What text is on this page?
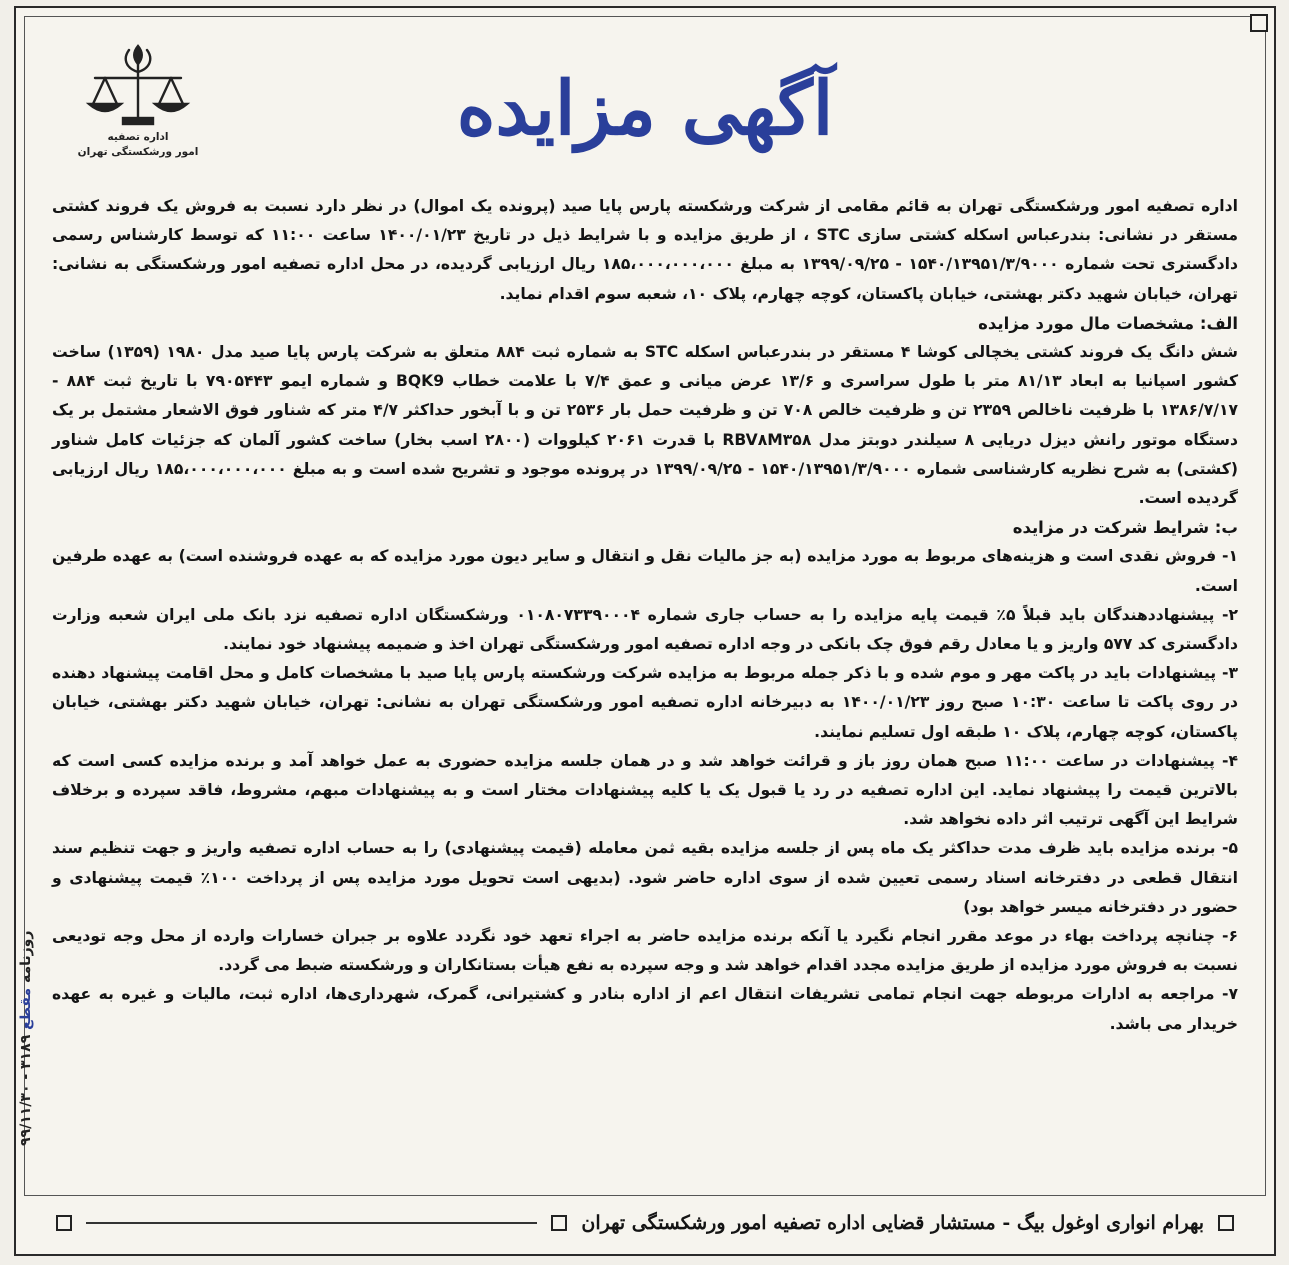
اداره تصفیه
امور ورشکستگی تهران	آگهی مزایده

اداره تصفیه امور ورشکستگی تهران به قائم مقامی از شرکت ورشکسته پارس پایا صید (پرونده یک اموال) در نظر دارد نسبت به فروش یک فروند کشتی مستقر در نشانی: بندرعباس اسکله کشتی سازی STC ، از طریق مزایده و با شرایط ذیل در تاریخ ۱۴۰۰/۰۱/۲۳ ساعت ۱۱:۰۰ که توسط کارشناس رسمی دادگستری تحت شماره ۱۵۴۰/۱۳۹۵۱/۳/۹۰۰۰ - ۱۳۹۹/۰۹/۲۵ به مبلغ ۱۸۵،۰۰۰،۰۰۰،۰۰۰ ریال ارزیابی گردیده، در محل اداره تصفیه امور ورشکستگی به نشانی: تهران، خیابان شهید دکتر بهشتی، خیابان پاکستان، کوچه چهارم، پلاک ۱۰، شعبه سوم اقدام نماید.

الف: مشخصات مال مورد مزایده

شش دانگ یک فروند کشتی یخچالی کوشا ۴ مستقر در بندرعباس اسکله STC به شماره ثبت ۸۸۴ متعلق به شرکت پارس پایا صید مدل ۱۹۸۰ (۱۳۵۹) ساخت کشور اسپانیا به ابعاد ۸۱/۱۳ متر با طول سراسری و ۱۳/۶ عرض میانی و عمق ۷/۴ با علامت خطاب BQK9 و شماره ایمو ۷۹۰۵۴۴۳ با تاریخ ثبت ۸۸۴ - ۱۳۸۶/۷/۱۷ با ظرفیت ناخالص ۲۳۵۹ تن و ظرفیت خالص ۷۰۸ تن و ظرفیت حمل بار ۲۵۳۶ تن و با آبخور حداکثر ۴/۷ متر که شناور فوق الاشعار مشتمل بر یک دستگاه موتور رانش دیزل دریایی ۸ سیلندر دوبتز مدل RBV۸M۳۵۸ با قدرت ۲۰۶۱ کیلووات (۲۸۰۰ اسب بخار) ساخت کشور آلمان که جزئیات کامل شناور (کشتی) به شرح نظریه کارشناسی شماره ۱۵۴۰/۱۳۹۵۱/۳/۹۰۰۰ - ۱۳۹۹/۰۹/۲۵ در پرونده موجود و تشریح شده است و به مبلغ ۱۸۵،۰۰۰،۰۰۰،۰۰۰ ریال ارزیابی گردیده است.

ب: شرایط شرکت در مزایده

۱- فروش نقدی است و هزینه‌های مربوط به مورد مزایده (به جز مالیات نقل و انتقال و سایر دیون مورد مزایده که به عهده فروشنده است) به عهده طرفین است.

۲- پیشنهاددهندگان باید قبلاً ۵٪ قیمت پایه مزایده را به حساب جاری شماره ۰۱۰۸۰۷۳۳۹۰۰۰۴ ورشکستگان اداره تصفیه نزد بانک ملی ایران شعبه وزارت دادگستری کد ۵۷۷ واریز و یا معادل رقم فوق چک بانکی در وجه اداره تصفیه امور ورشکستگی تهران اخذ و ضمیمه پیشنهاد خود نمایند.

۳- پیشنهادات باید در پاکت مهر و موم شده و با ذکر جمله مربوط به مزایده شرکت ورشکسته پارس پایا صید با مشخصات کامل و محل اقامت پیشنهاد دهنده در روی پاکت تا ساعت ۱۰:۳۰ صبح روز ۱۴۰۰/۰۱/۲۳ به دبیرخانه اداره تصفیه امور ورشکستگی تهران به نشانی: تهران، خیابان شهید دکتر بهشتی، خیابان پاکستان، کوچه چهارم، پلاک ۱۰ طبقه اول تسلیم نمایند.

۴- پیشنهادات در ساعت ۱۱:۰۰ صبح همان روز باز و قرائت خواهد شد و در همان جلسه مزایده حضوری به عمل خواهد آمد و برنده مزایده کسی است که بالاترین قیمت را پیشنهاد نماید. این اداره تصفیه در رد یا قبول یک یا کلیه پیشنهادات مختار است و به پیشنهادات مبهم، مشروط، فاقد سپرده و برخلاف شرایط این آگهی ترتیب اثر داده نخواهد شد.

۵- برنده مزایده باید ظرف مدت حداکثر یک ماه پس از جلسه مزایده بقیه ثمن معامله (قیمت پیشنهادی) را به حساب اداره تصفیه واریز و جهت تنظیم سند انتقال قطعی در دفترخانه اسناد رسمی تعیین شده از سوی اداره حاضر شود. (بدیهی است تحویل مورد مزایده پس از پرداخت ۱۰۰٪ قیمت پیشنهادی و حضور در دفترخانه میسر خواهد بود)

۶- چنانچه پرداخت بهاء در موعد مقرر انجام نگیرد یا آنکه برنده مزایده حاضر به اجراء تعهد خود نگردد علاوه بر جبران خسارات وارده از محل وجه تودیعی نسبت به فروش مورد مزایده از طریق مزایده مجدد اقدام خواهد شد و وجه سپرده به نفع هیأت بستانکاران و ورشکسته ضبط می گردد.

۷- مراجعه به ادارات مربوطه جهت انجام تمامی تشریفات انتقال اعم از اداره بنادر و کشتیرانی، گمرک، شهرداری‌ها، اداره ثبت، مالیات و غیره به عهده خریدار می باشد.

روزنامه مقطع ۳۱۸۹ - ۹۹/۱۱/۳۰
بهرام انواری اوغول بیگ - مستشار قضایی اداره تصفیه امور ورشکستگی تهران
